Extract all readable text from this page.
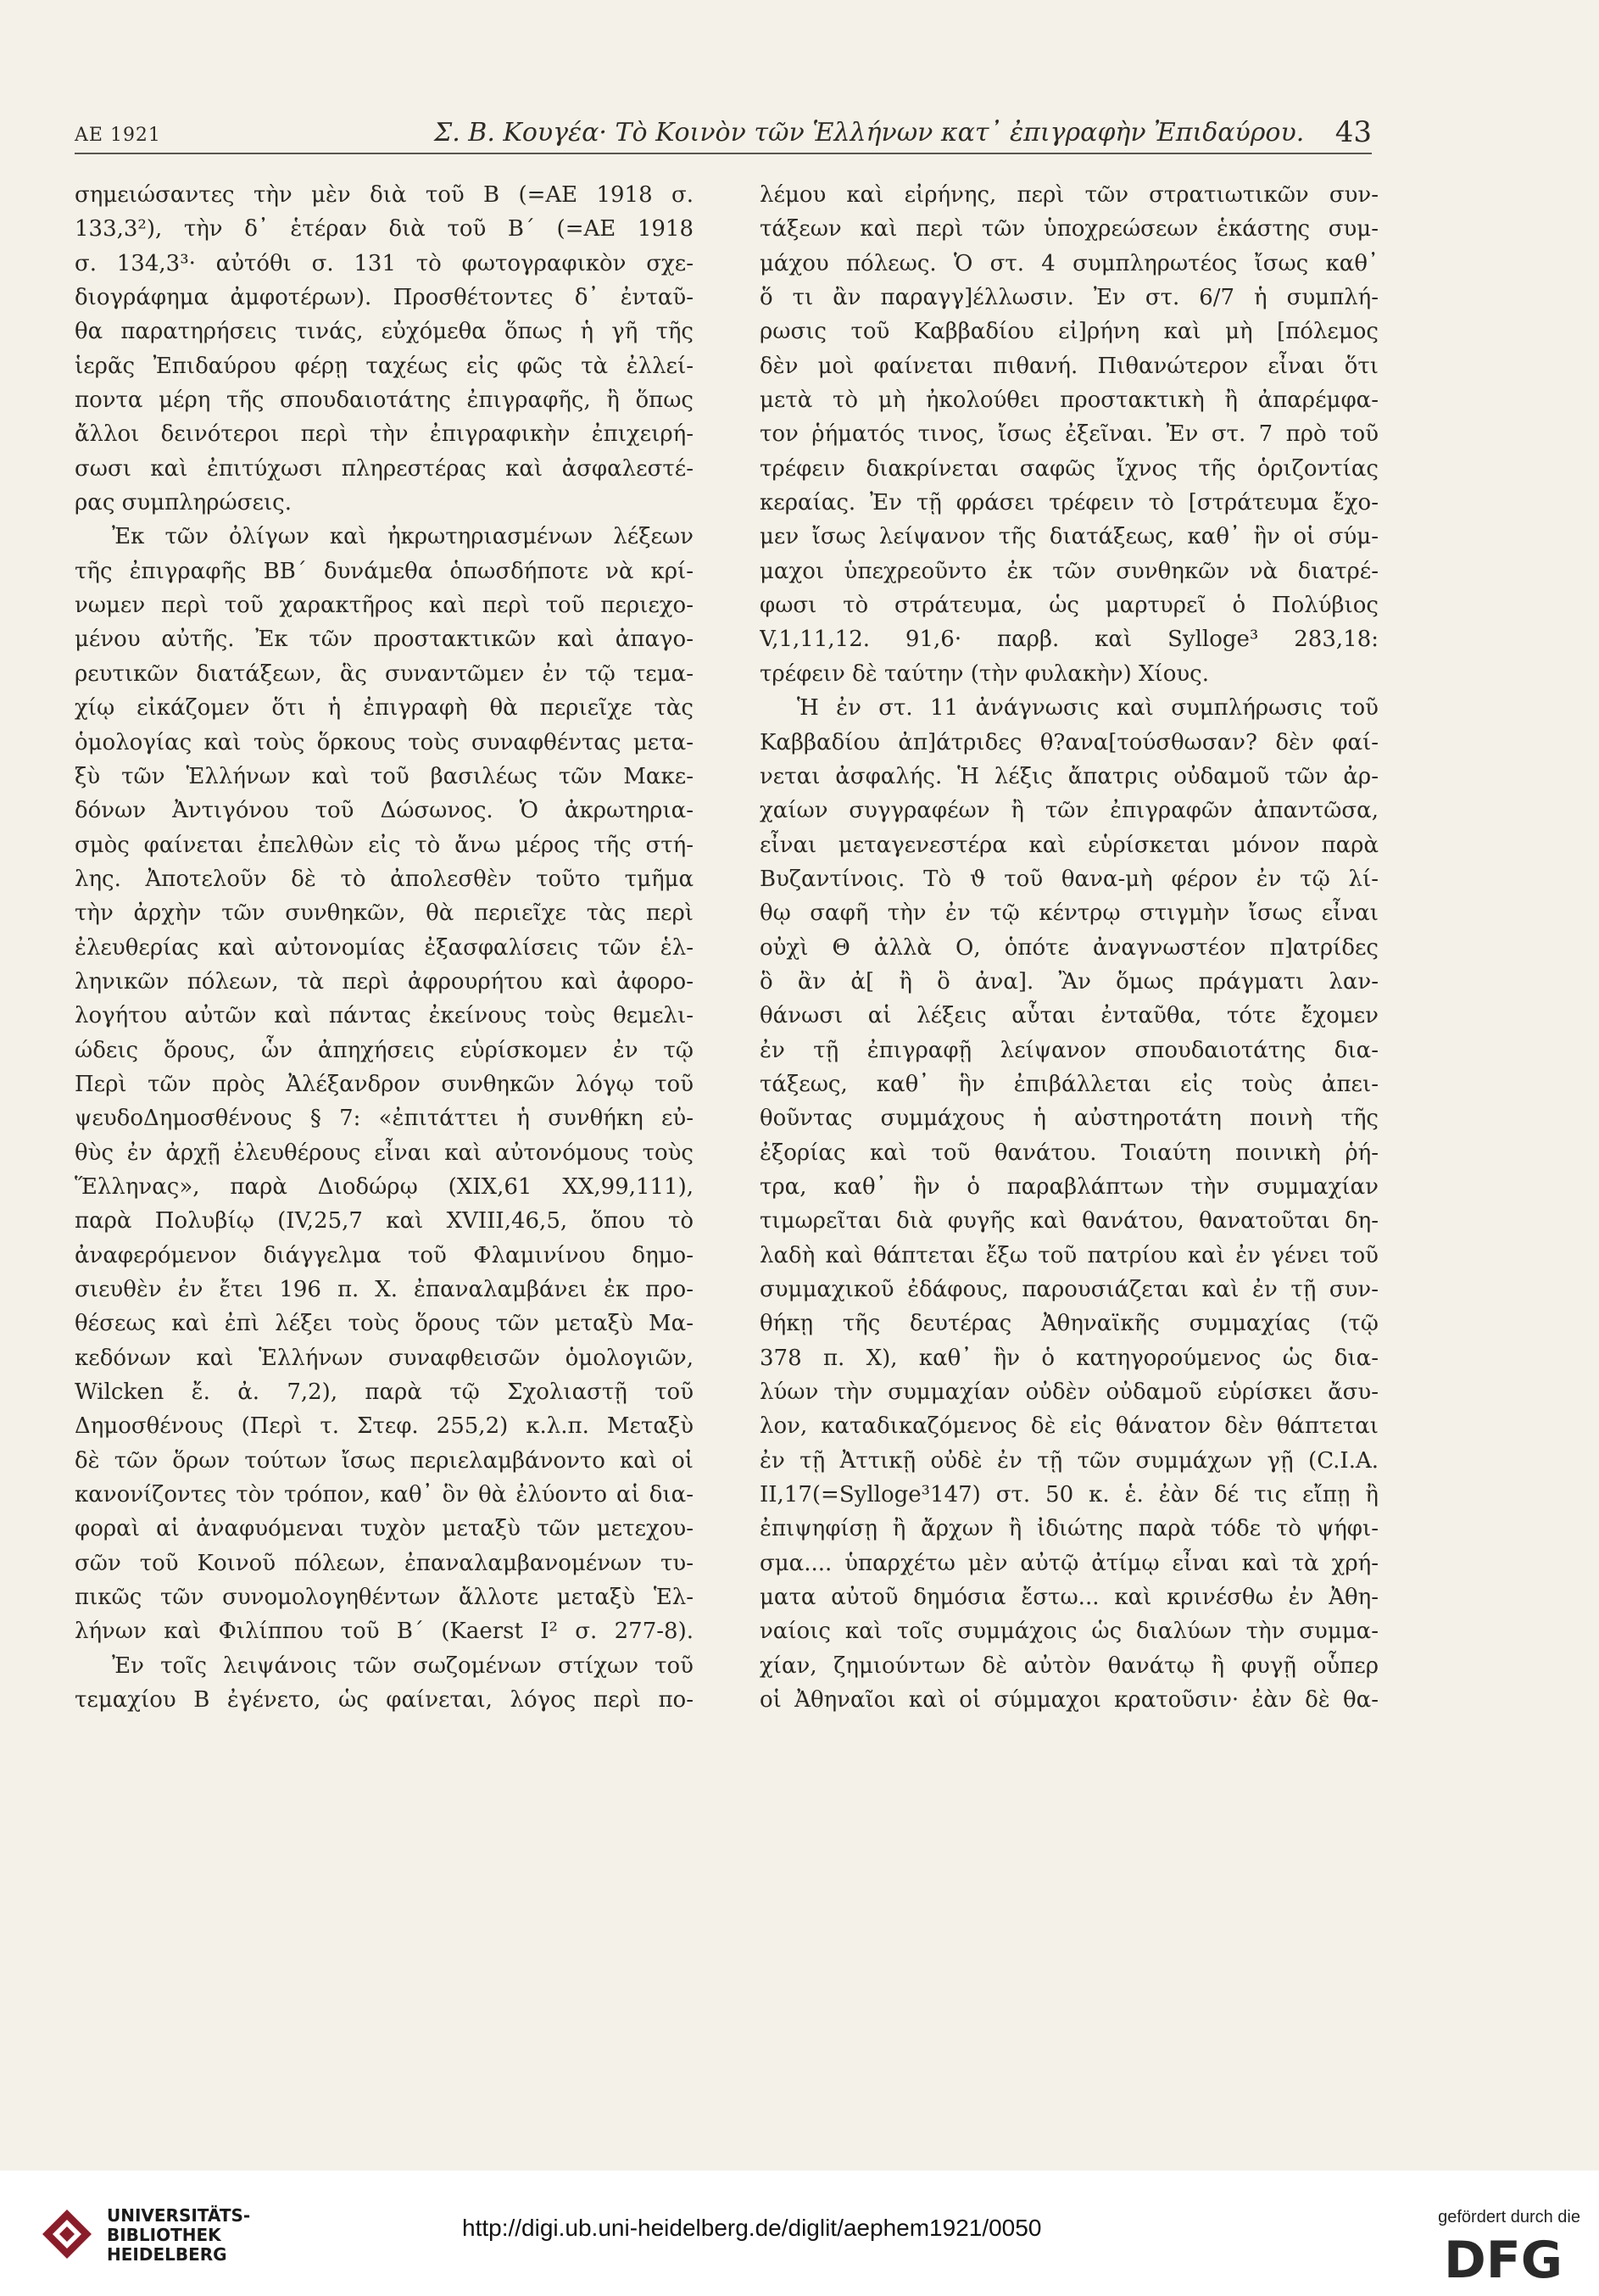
ΑΕ 1921	Σ. Β. Κουγέα· Τὸ Κοινὸν τῶν Ἑλλήνων κατ᾽ ἐπιγραφὴν Ἐπιδαύρου. 43
σημειώσαντες τὴν μὲν διὰ τοῦ Β (=ΑΕ 1918 σ.
133,3²), τὴν δ᾽ ἑτέραν διὰ τοῦ Β΄ (=ΑΕ 1918
σ. 134,3³· αὐτόθι σ. 131 τὸ φωτογραφικὸν σχε-
διογράφημα ἀμφοτέρων). Προσθέτοντες δ᾽ ἐνταῦ-
θα παρατηρήσεις τινάς, εὐχόμεθα ὅπως ἡ γῆ τῆς
ἱερᾶς Ἐπιδαύρου φέρῃ ταχέως εἰς φῶς τὰ ἐλλεί-
ποντα μέρη τῆς σπουδαιοτάτης ἐπιγραφῆς, ἢ ὅπως
ἄλλοι δεινότεροι περὶ τὴν ἐπιγραφικὴν ἐπιχειρή-
σωσι καὶ ἐπιτύχωσι πληρεστέρας καὶ ἀσφαλεστέ-
ρας συμπληρώσεις.
Ἐκ τῶν ὀλίγων καὶ ἠκρωτηριασμένων λέξεων
τῆς ἐπιγραφῆς ΒΒ΄ δυνάμεθα ὁπωσδήποτε νὰ κρί-
νωμεν περὶ τοῦ χαρακτῆρος καὶ περὶ τοῦ περιεχο-
μένου αὐτῆς. Ἐκ τῶν προστακτικῶν καὶ ἀπαγο-
ρευτικῶν διατάξεων, ἃς συναντῶμεν ἐν τῷ τεμα-
χίῳ εἰκάζομεν ὅτι ἡ ἐπιγραφὴ θὰ περιεῖχε τὰς
ὁμολογίας καὶ τοὺς ὅρκους τοὺς συναφθέντας μετα-
ξὺ τῶν Ἑλλήνων καὶ τοῦ βασιλέως τῶν Μακε-
δόνων Ἀντιγόνου τοῦ Δώσωνος. Ὁ ἀκρωτηρια-
σμὸς φαίνεται ἐπελθὼν εἰς τὸ ἄνω μέρος τῆς στή-
λης. Ἀποτελοῦν δὲ τὸ ἀπολεσθὲν τοῦτο τμῆμα
τὴν ἀρχὴν τῶν συνθηκῶν, θὰ περιεῖχε τὰς περὶ
ἐλευθερίας καὶ αὐτονομίας ἐξασφαλίσεις τῶν ἑλ-
ληνικῶν πόλεων, τὰ περὶ ἀφρουρήτου καὶ ἀφορο-
λογήτου αὐτῶν καὶ πάντας ἐκείνους τοὺς θεμελι-
ώδεις ὅρους, ὧν ἀπηχήσεις εὑρίσκομεν ἐν τῷ
Περὶ τῶν πρὸς Ἀλέξανδρον συνθηκῶν λόγῳ τοῦ
ψευδοΔημοσθένους § 7: «ἐπιτάττει ἡ συνθήκη εὐ-
θὺς ἐν ἀρχῇ ἐλευθέρους εἶναι καὶ αὐτονόμους τοὺς
Ἕλληνας», παρὰ Διοδώρῳ (XIX,61 XX,99,111),
παρὰ Πολυβίῳ (IV,25,7 καὶ XVIII,46,5, ὅπου τὸ
ἀναφερόμενον διάγγελμα τοῦ Φλαμινίνου δημο-
σιευθὲν ἐν ἔτει 196 π. Χ. ἐπαναλαμβάνει ἐκ προ-
θέσεως καὶ ἐπὶ λέξει τοὺς ὅρους τῶν μεταξὺ Μα-
κεδόνων καὶ Ἑλλήνων συναφθεισῶν ὁμολογιῶν,
Wilcken ἔ. ἀ. 7,2), παρὰ τῷ Σχολιαστῇ τοῦ
Δημοσθένους (Περὶ τ. Στεφ. 255,2) κ.λ.π. Μεταξὺ
δὲ τῶν ὅρων τούτων ἴσως περιελαμβάνοντο καὶ οἱ
κανονίζοντες τὸν τρόπον, καθ᾽ ὃν θὰ ἐλύοντο αἱ δια-
φοραὶ αἱ ἀναφυόμεναι τυχὸν μεταξὺ τῶν μετεχου-
σῶν τοῦ Κοινοῦ πόλεων, ἐπαναλαμβανομένων τυ-
πικῶς τῶν συνομολογηθέντων ἄλλοτε μεταξὺ Ἑλ-
λήνων καὶ Φιλίππου τοῦ Β΄ (Kaerst I² σ. 277-8).
Ἐν τοῖς λειψάνοις τῶν σωζομένων στίχων τοῦ
τεμαχίου Β ἐγένετο, ὡς φαίνεται, λόγος περὶ πο-
λέμου καὶ εἰρήνης, περὶ τῶν στρατιωτικῶν συν-
τάξεων καὶ περὶ τῶν ὑποχρεώσεων ἑκάστης συμ-
μάχου πόλεως. Ὁ στ. 4 συμπληρωτέος ἴσως καθ᾽
ὅ τι ἂν παραγγ]έλλωσιν. Ἐν στ. 6/7 ἡ συμπλή-
ρωσις τοῦ Καββαδίου εἰ]ρήνη καὶ μὴ [πόλεμος
δὲν μοὶ φαίνεται πιθανή. Πιθανώτερον εἶναι ὅτι
μετὰ τὸ μὴ ἠκολούθει προστακτικὴ ἢ ἀπαρέμφα-
τον ῥήματός τινος, ἴσως ἐξεῖναι. Ἐν στ. 7 πρὸ τοῦ
τρέφειν διακρίνεται σαφῶς ἴχνος τῆς ὁριζοντίας
κεραίας. Ἐν τῇ φράσει τρέφειν τὸ [στράτευμα ἔχο-
μεν ἴσως λείψανον τῆς διατάξεως, καθ᾽ ἣν οἱ σύμ-
μαχοι ὑπεχρεοῦντο ἐκ τῶν συνθηκῶν νὰ διατρέ-
φωσι τὸ στράτευμα, ὡς μαρτυρεῖ ὁ Πολύβιος
V,1,11,12. 91,6· παρβ. καὶ Sylloge³ 283,18:
τρέφειν δὲ ταύτην (τὴν φυλακὴν) Χίους.
Ἡ ἐν στ. 11 ἀνάγνωσις καὶ συμπλήρωσις τοῦ
Καββαδίου ἀπ]άτριδες θ?ανα[τούσθωσαν? δὲν φαί-
νεται ἀσφαλής. Ἡ λέξις ἄπατρις οὐδαμοῦ τῶν ἀρ-
χαίων συγγραφέων ἢ τῶν ἐπιγραφῶν ἀπαντῶσα,
εἶναι μεταγενεστέρα καὶ εὑρίσκεται μόνον παρὰ
Βυζαντίνοις. Τὸ ϑ τοῦ θανα-μὴ φέρον ἐν τῷ λί-
θῳ σαφῆ τὴν ἐν τῷ κέντρῳ στιγμὴν ἴσως εἶναι
οὐχὶ Θ ἀλλὰ Ο, ὁπότε ἀναγνωστέον π]ατρίδες
ὃ ἂν ἀ[ ἢ ὃ ἀνα]. Ἂν ὅμως πράγματι λαν-
θάνωσι αἱ λέξεις αὗται ἐνταῦθα, τότε ἔχομεν
ἐν τῇ ἐπιγραφῇ λείψανον σπουδαιοτάτης δια-
τάξεως, καθ᾽ ἣν ἐπιβάλλεται εἰς τοὺς ἀπει-
θοῦντας συμμάχους ἡ αὐστηροτάτη ποινὴ τῆς
ἐξορίας καὶ τοῦ θανάτου. Τοιαύτη ποινικὴ ῥή-
τρα, καθ᾽ ἣν ὁ παραβλάπτων τὴν συμμαχίαν
τιμωρεῖται διὰ φυγῆς καὶ θανάτου, θανατοῦται δη-
λαδὴ καὶ θάπτεται ἔξω τοῦ πατρίου καὶ ἐν γένει τοῦ
συμμαχικοῦ ἐδάφους, παρουσιάζεται καὶ ἐν τῇ συν-
θήκῃ τῆς δευτέρας Ἀθηναϊκῆς συμμαχίας (τῷ
378 π. Χ), καθ᾽ ἣν ὁ κατηγορούμενος ὡς δια-
λύων τὴν συμμαχίαν οὐδὲν οὐδαμοῦ εὑρίσκει ἄσυ-
λον, καταδικαζόμενος δὲ εἰς θάνατον δὲν θάπτεται
ἐν τῇ Ἀττικῇ οὐδὲ ἐν τῇ τῶν συμμάχων γῇ (C.I.A.
II,17(=Sylloge³147) στ. 50 κ. ἑ. ἐὰν δέ τις εἴπῃ ἢ
ἐπιψηφίσῃ ἢ ἄρχων ἢ ἰδιώτης παρὰ τόδε τὸ ψήφι-
σμα.... ὑπαρχέτω μὲν αὐτῷ ἀτίμῳ εἶναι καὶ τὰ χρή-
ματα αὐτοῦ δημόσια ἔστω... καὶ κρινέσθω ἐν Ἀθη-
ναίοις καὶ τοῖς συμμάχοις ὡς διαλύων τὴν συμμα-
χίαν, ζημιούντων δὲ αὐτὸν θανάτῳ ἢ φυγῇ οὗπερ
οἱ Ἀθηναῖοι καὶ οἱ σύμμαχοι κρατοῦσιν· ἐὰν δὲ θα-
UNIVERSITÄTS-
BIBLIOTHEK
HEIDELBERG
http://digi.ub.uni-heidelberg.de/diglit/aephem1921/0050	gefördert durch die
DFG
